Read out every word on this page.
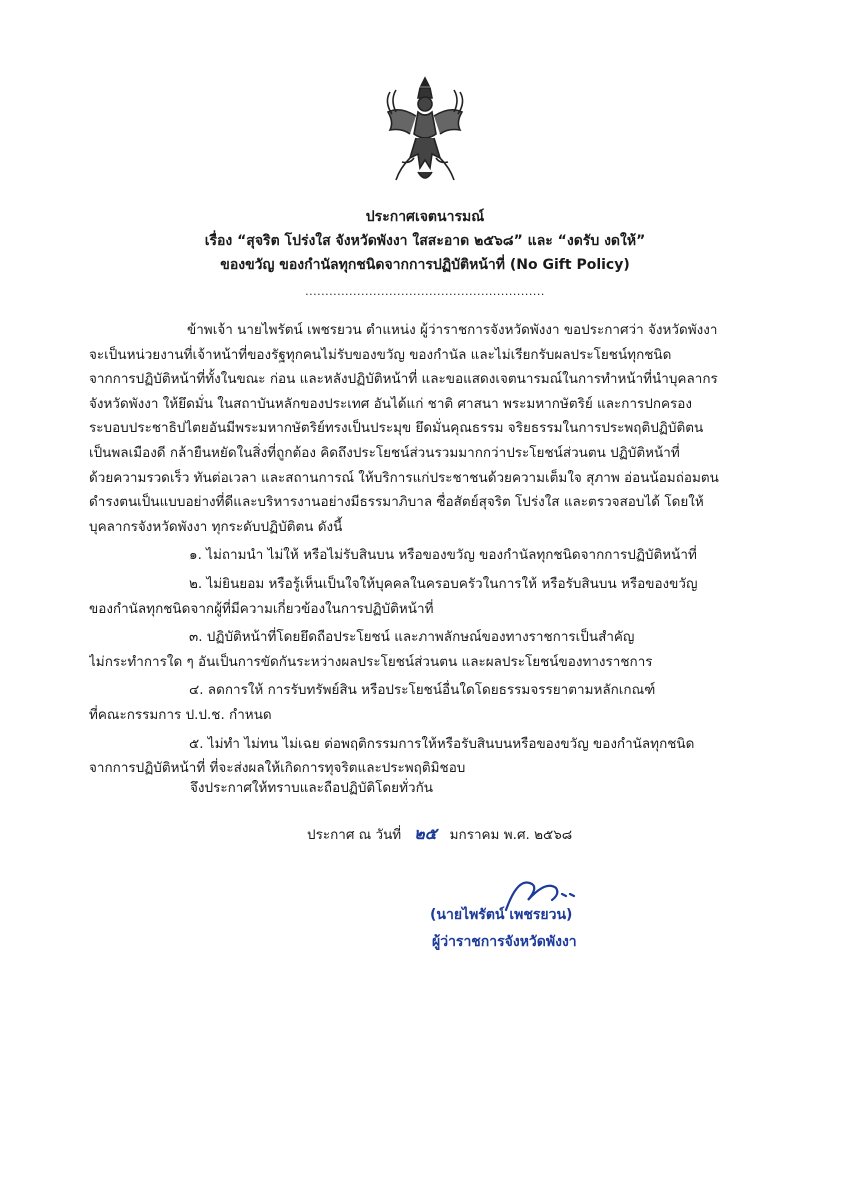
ประกาศเจตนารมณ์
เรื่อง “สุจริต โปร่งใส จังหวัดพังงา ใสสะอาด ๒๕๖๘” และ “งดรับ งดให้”
ของขวัญ ของกำนัลทุกชนิดจากการปฏิบัติหน้าที่ (No Gift Policy)
............................................................

ข้าพเจ้า นายไพรัตน์ เพชรยวน ตำแหน่ง ผู้ว่าราชการจังหวัดพังงา ขอประกาศว่า จังหวัดพังงา
จะเป็นหน่วยงานที่เจ้าหน้าที่ของรัฐทุกคนไม่รับของขวัญ ของกำนัล และไม่เรียกรับผลประโยชน์ทุกชนิด
จากการปฏิบัติหน้าที่ทั้งในขณะ ก่อน และหลังปฏิบัติหน้าที่ และขอแสดงเจตนารมณ์ในการทำหน้าที่นำบุคลากร
จังหวัดพังงา ให้ยึดมั่น ในสถาบันหลักของประเทศ อันได้แก่ ชาติ ศาสนา พระมหากษัตริย์ และการปกครอง
ระบอบประชาธิปไตยอันมีพระมหากษัตริย์ทรงเป็นประมุข ยึดมั่นคุณธรรม จริยธรรมในการประพฤติปฏิบัติตน
เป็นพลเมืองดี กล้ายืนหยัดในสิ่งที่ถูกต้อง คิดถึงประโยชน์ส่วนรวมมากกว่าประโยชน์ส่วนตน ปฏิบัติหน้าที่
ด้วยความรวดเร็ว ทันต่อเวลา และสถานการณ์ ให้บริการแก่ประชาชนด้วยความเต็มใจ สุภาพ อ่อนน้อมถ่อมตน
ดำรงตนเป็นแบบอย่างที่ดีและบริหารงานอย่างมีธรรมาภิบาล ซื่อสัตย์สุจริต โปร่งใส และตรวจสอบได้ โดยให้
บุคลากรจังหวัดพังงา ทุกระดับปฏิบัติตน ดังนี้

๑. ไม่ถามนำ ไม่ให้ หรือไม่รับสินบน หรือของขวัญ ของกำนัลทุกชนิดจากการปฏิบัติหน้าที่

๒. ไม่ยินยอม หรือรู้เห็นเป็นใจให้บุคคลในครอบครัวในการให้ หรือรับสินบน หรือของขวัญ
ของกำนัลทุกชนิดจากผู้ที่มีความเกี่ยวข้องในการปฏิบัติหน้าที่

๓. ปฏิบัติหน้าที่โดยยึดถือประโยชน์ และภาพลักษณ์ของทางราชการเป็นสำคัญ
ไม่กระทำการใด ๆ อันเป็นการขัดกันระหว่างผลประโยชน์ส่วนตน และผลประโยชน์ของทางราชการ

๔. ลดการให้ การรับทรัพย์สิน หรือประโยชน์อื่นใดโดยธรรมจรรยาตามหลักเกณฑ์
ที่คณะกรรมการ ป.ป.ช. กำหนด

๕. ไม่ทำ ไม่ทน ไม่เฉย ต่อพฤติกรรมการให้หรือรับสินบนหรือของขวัญ ของกำนัลทุกชนิด
จากการปฏิบัติหน้าที่ ที่จะส่งผลให้เกิดการทุจริตและประพฤติมิชอบ

จึงประกาศให้ทราบและถือปฏิบัติโดยทั่วกัน
ประกาศ ณ วันที่ ๒๕ มกราคม พ.ศ. ๒๕๖๘
(นายไพรัตน์ เพชรยวน)
ผู้ว่าราชการจังหวัดพังงา
